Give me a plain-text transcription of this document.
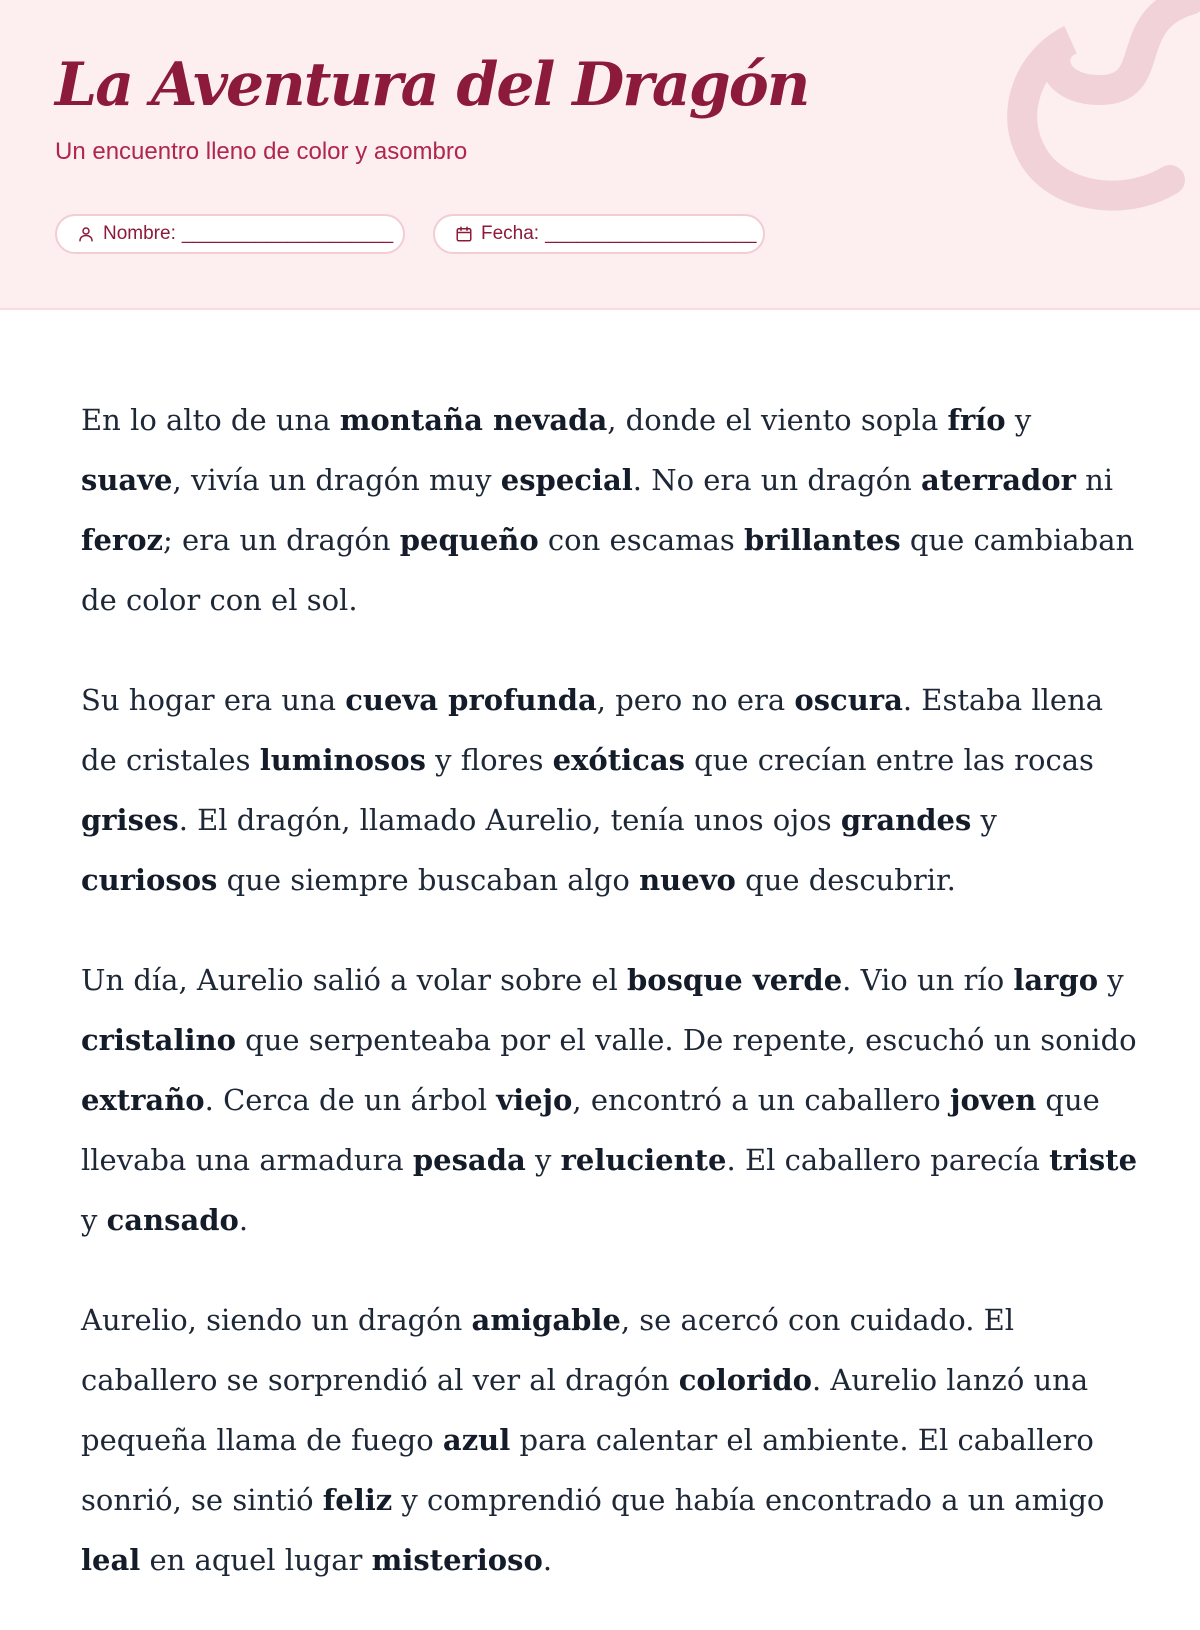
La Aventura del Dragón

Un encuentro lleno de color y asombro

Nombre: ____________________	Fecha: ____________________

En lo alto de una montaña nevada, donde el viento sopla frío y suave, vivía un dragón muy especial. No era un dragón aterrador ni feroz; era un dragón pequeño con escamas brillantes que cambiaban de color con el sol.

Su hogar era una cueva profunda, pero no era oscura. Estaba llena de cristales luminosos y flores exóticas que crecían entre las rocas grises. El dragón, llamado Aurelio, tenía unos ojos grandes y curiosos que siempre buscaban algo nuevo que descubrir.

Un día, Aurelio salió a volar sobre el bosque verde. Vio un río largo y cristalino que serpenteaba por el valle. De repente, escuchó un sonido extraño. Cerca de un árbol viejo, encontró a un caballero joven que llevaba una armadura pesada y reluciente. El caballero parecía triste y cansado.

Aurelio, siendo un dragón amigable, se acercó con cuidado. El caballero se sorprendió al ver al dragón colorido. Aurelio lanzó una pequeña llama de fuego azul para calentar el ambiente. El caballero sonrió, se sintió feliz y comprendió que había encontrado a un amigo leal en aquel lugar misterioso.
